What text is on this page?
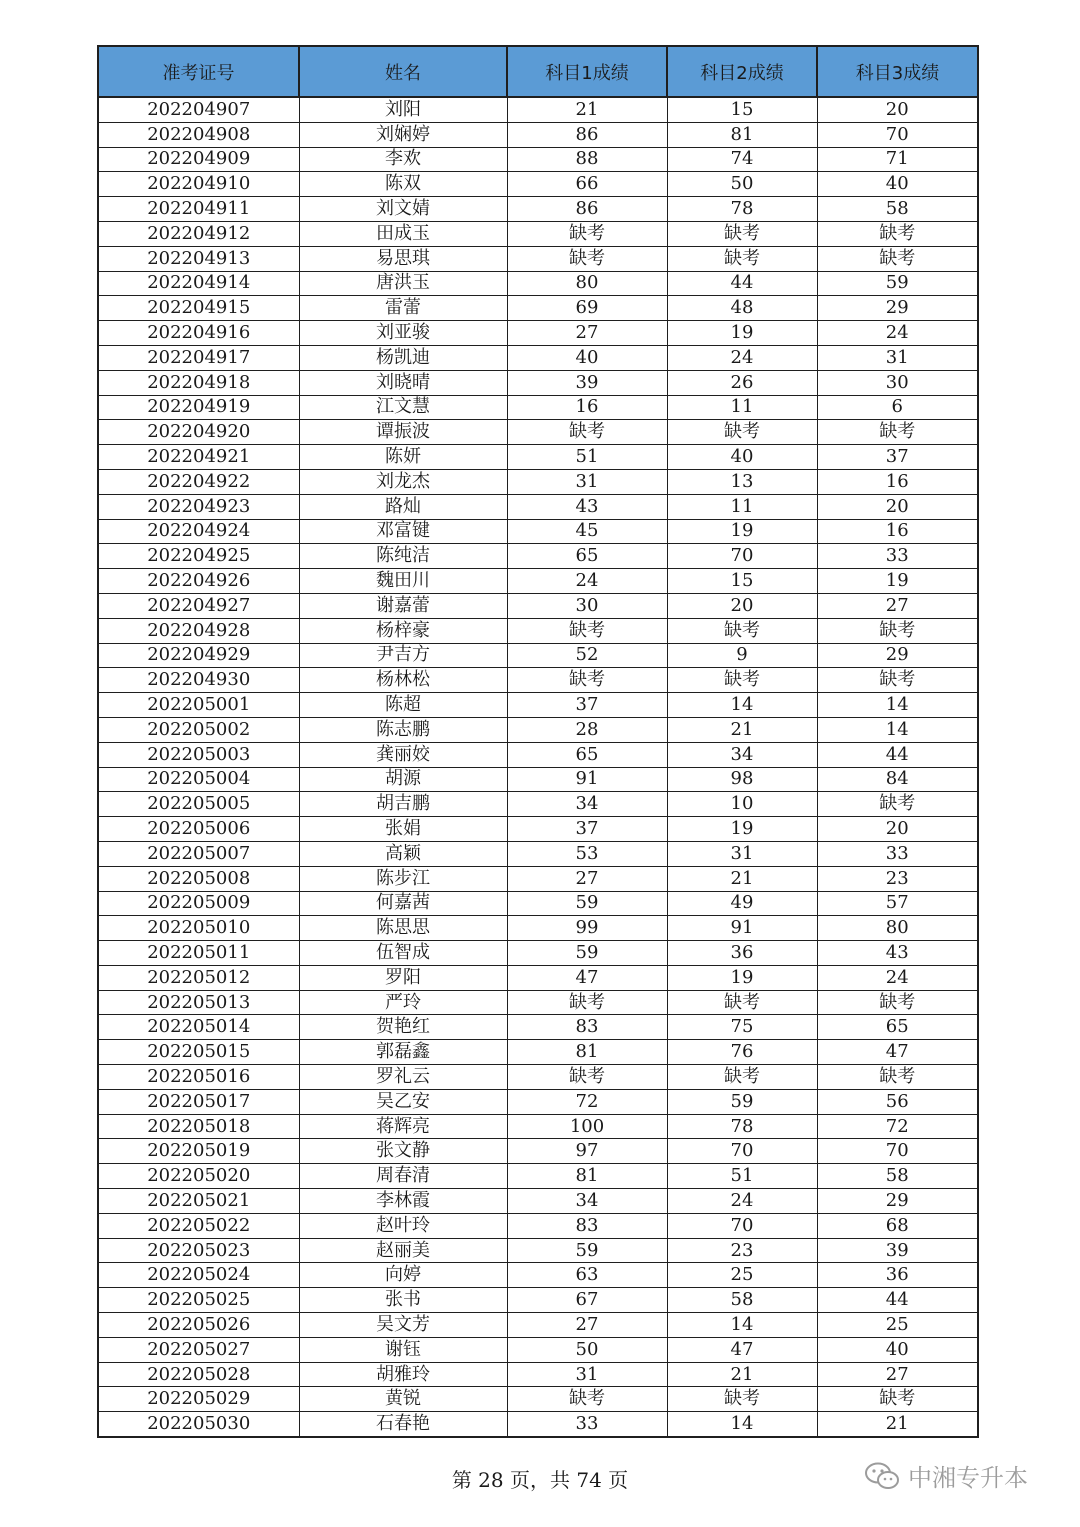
准考证号	姓名	科目1成绩	科目2成绩	科目3成绩
202204907	刘阳	21	15	20
202204908	刘娴婷	86	81	70
202204909	李欢	88	74	71
202204910	陈双	66	50	40
202204911	刘文婧	86	78	58
202204912	田成玉	缺考	缺考	缺考
202204913	易思琪	缺考	缺考	缺考
202204914	唐洪玉	80	44	59
202204915	雷蕾	69	48	29
202204916	刘亚骏	27	19	24
202204917	杨凯迪	40	24	31
202204918	刘晓晴	39	26	30
202204919	江文慧	16	11	6
202204920	谭振波	缺考	缺考	缺考
202204921	陈妍	51	40	37
202204922	刘龙杰	31	13	16
202204923	路灿	43	11	20
202204924	邓富键	45	19	16
202204925	陈纯洁	65	70	33
202204926	魏田川	24	15	19
202204927	谢嘉蕾	30	20	27
202204928	杨梓豪	缺考	缺考	缺考
202204929	尹吉方	52	9	29
202204930	杨林松	缺考	缺考	缺考
202205001	陈超	37	14	14
202205002	陈志鹏	28	21	14
202205003	龚丽姣	65	34	44
202205004	胡源	91	98	84
202205005	胡吉鹏	34	10	缺考
202205006	张娟	37	19	20
202205007	高颖	53	31	33
202205008	陈步江	27	21	23
202205009	何嘉茜	59	49	57
202205010	陈思思	99	91	80
202205011	伍智成	59	36	43
202205012	罗阳	47	19	24
202205013	严玲	缺考	缺考	缺考
202205014	贺艳红	83	75	65
202205015	郭磊鑫	81	76	47
202205016	罗礼云	缺考	缺考	缺考
202205017	吴乙安	72	59	56
202205018	蒋辉亮	100	78	72
202205019	张文静	97	70	70
202205020	周春清	81	51	58
202205021	李林霞	34	24	29
202205022	赵叶玲	83	70	68
202205023	赵丽美	59	23	39
202205024	向婷	63	25	36
202205025	张书	67	58	44
202205026	吴文芳	27	14	25
202205027	谢钰	50	47	40
202205028	胡雅玲	31	21	27
202205029	黄锐	缺考	缺考	缺考
202205030	石春艳	33	14	21
第 28 页，共 74 页	中湘专升本
